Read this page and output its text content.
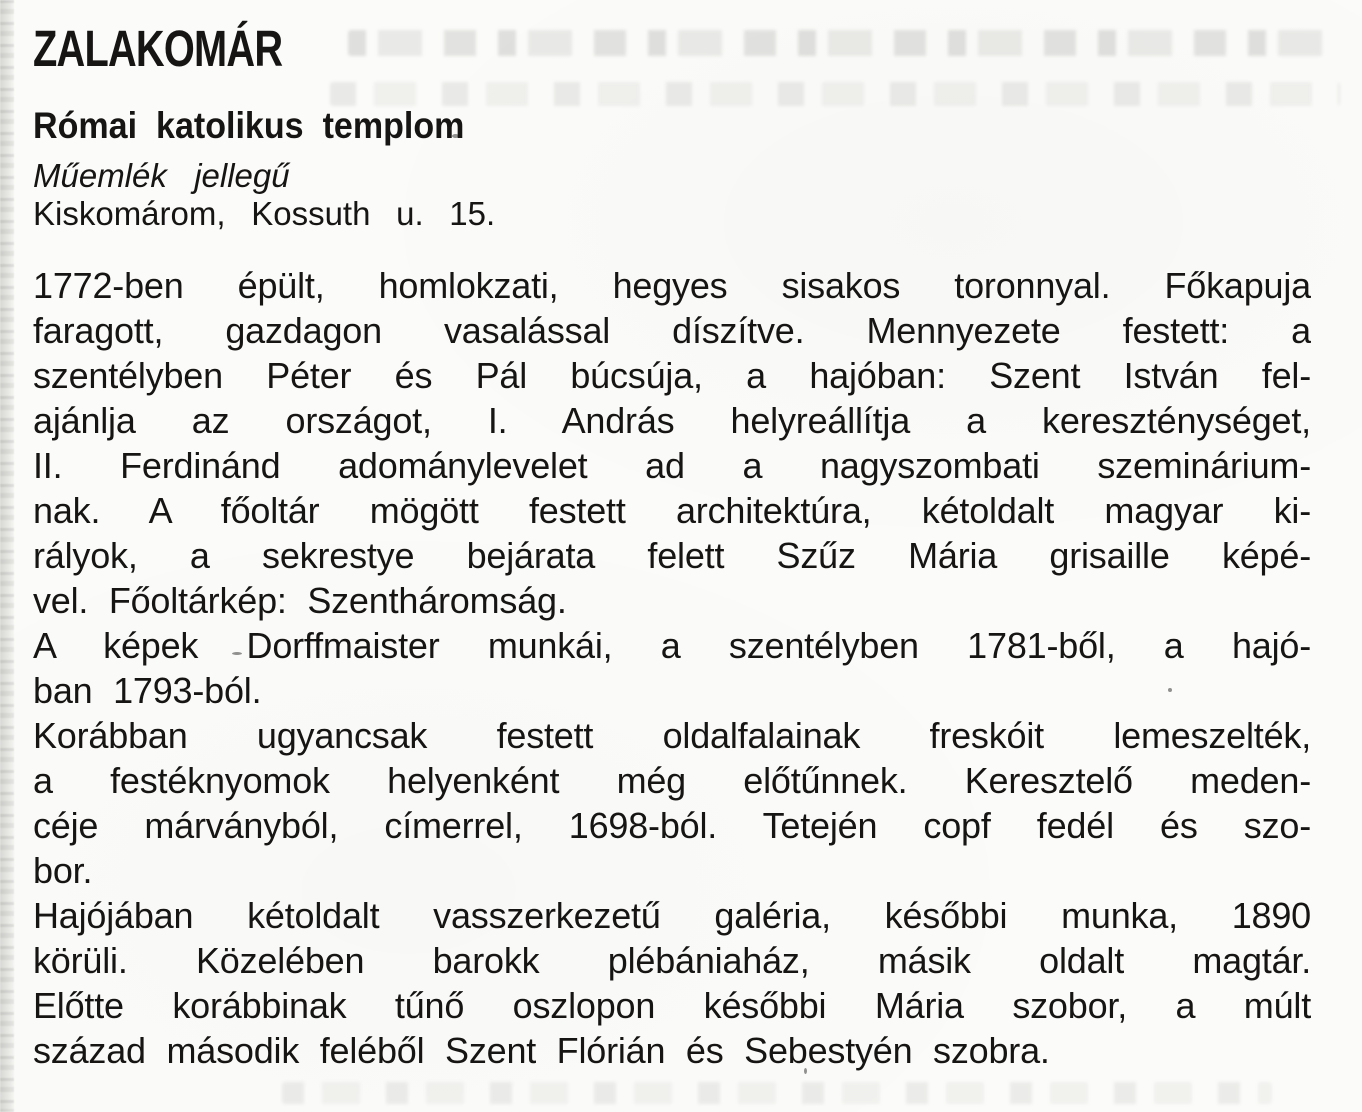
ZALAKOMÁR
Római katolikus templom
Műemlék jellegű
Kiskomárom, Kossuth u. 15.
1772-ben épült, homlokzati, hegyes sisakos toronnyal. Főkapuja
faragott, gazdagon vasalással díszítve. Mennyezete festett: a
szentélyben Péter és Pál búcsúja, a hajóban: Szent István fel-
ajánlja az országot, I. András helyreállítja a kereszténységet,
II. Ferdinánd adománylevelet ad a nagyszombati szeminárium-
nak. A főoltár mögött festett architektúra, kétoldalt magyar ki-
rályok, a sekrestye bejárata felett Szűz Mária grisaille képé-
vel. Főoltárkép: Szentháromság.
A képek Dorffmaister munkái, a szentélyben 1781-ből, a hajó-
ban 1793-ból.
Korábban ugyancsak festett oldalfalainak freskóit lemeszelték,
a festéknyomok helyenként még előtűnnek. Keresztelő meden-
céje márványból, címerrel, 1698-ból. Tetején copf fedél és szo-
bor.
Hajójában kétoldalt vasszerkezetű galéria, későbbi munka, 1890
körüli. Közelében barokk plébániaház, másik oldalt magtár.
Előtte korábbinak tűnő oszlopon későbbi Mária szobor, a múlt
század második feléből Szent Flórián és Sebestyén szobra.
